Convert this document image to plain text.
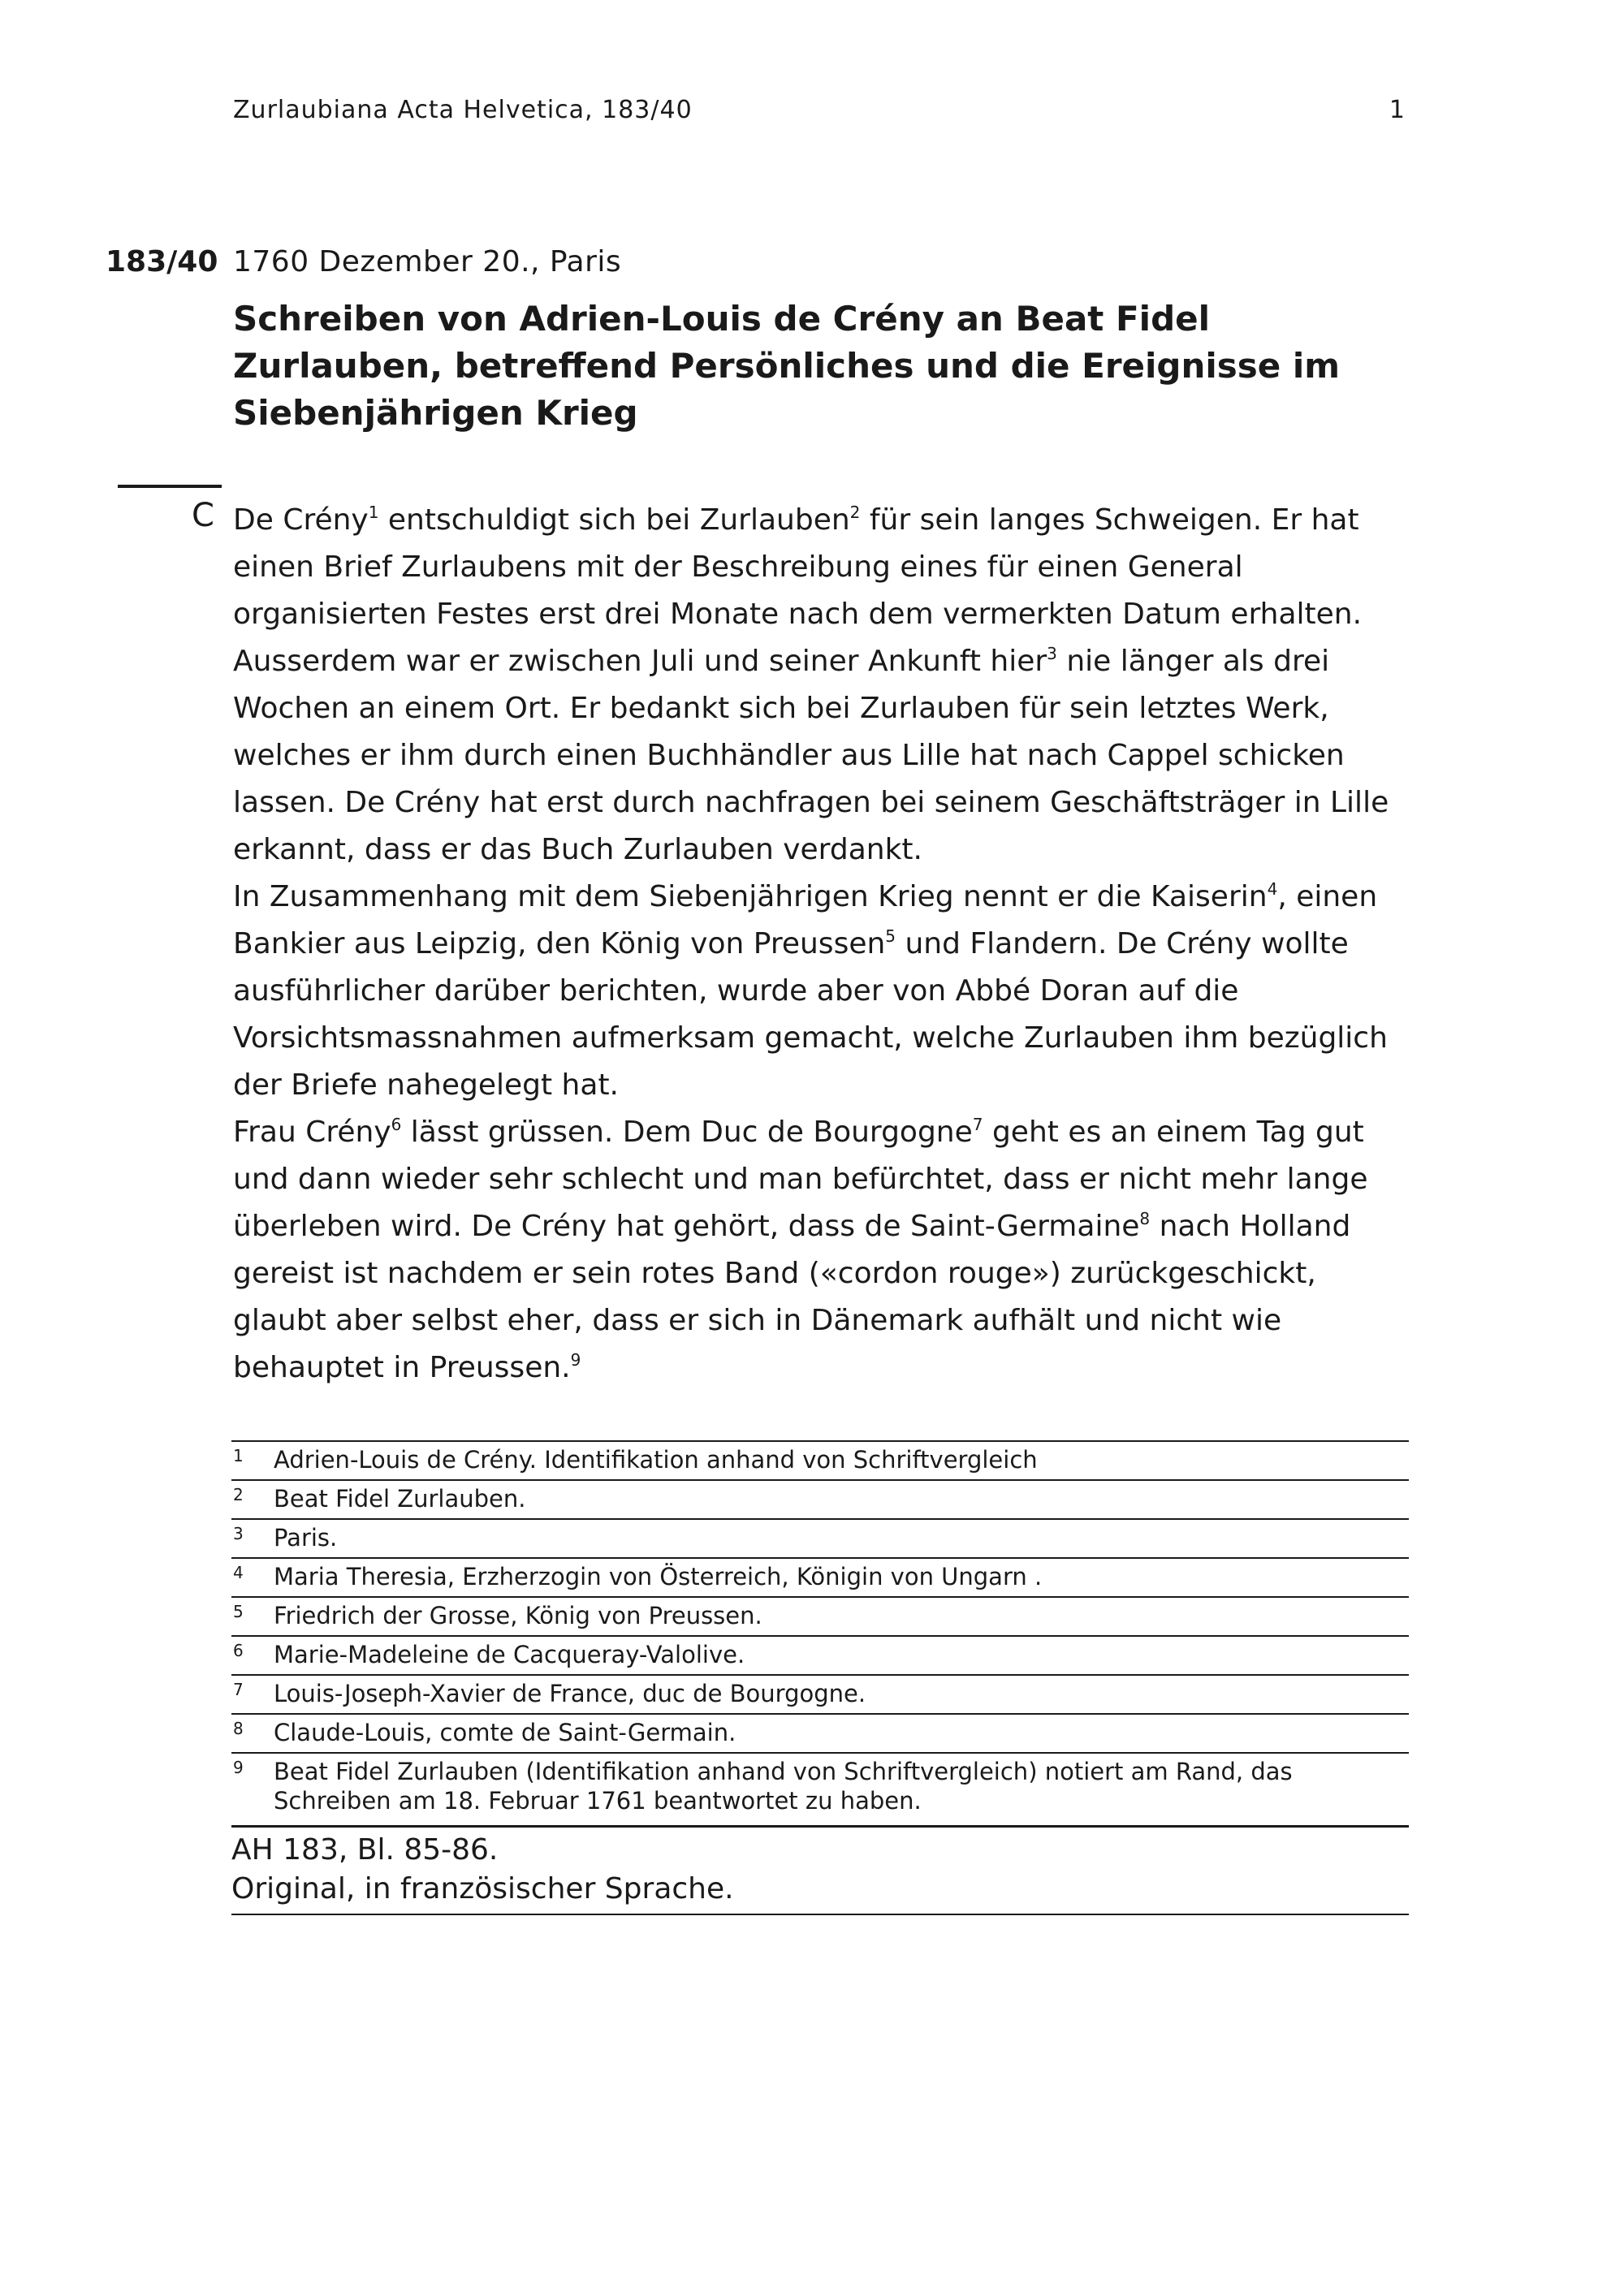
Zurlaubiana Acta Helvetica, 183/40	1
183/40 1760 Dezember 20., Paris
Schreiben von Adrien-Louis de Crény an Beat Fidel Zurlauben, betreffend Persönliches und die Ereignisse im Siebenjährigen Krieg
C De Crény$^1$ entschuldigt sich bei Zurlauben$^2$ für sein langes Schweigen. Er hat einen Brief Zurlaubens mit der Beschreibung eines für einen General organisierten Festes erst drei Monate nach dem vermerkten Datum erhalten. Ausserdem war er zwischen Juli und seiner Ankunft hier$^3$ nie länger als drei Wochen an einem Ort. Er bedankt sich bei Zurlauben für sein letztes Werk, welches er ihm durch einen Buchhändler aus Lille hat nach Cappel schicken lassen. De Crény hat erst durch nachfragen bei seinem Geschäftsträger in Lille erkannt, dass er das Buch Zurlauben verdankt.

In Zusammenhang mit dem Siebenjährigen Krieg nennt er die Kaiserin$^4$, einen Bankier aus Leipzig, den König von Preussen$^5$ und Flandern. De Crény wollte ausführlicher darüber berichten, wurde aber von Abbé Doran auf die Vorsichtsmassnahmen aufmerksam gemacht, welche Zurlauben ihm bezüglich der Briefe nahegelegt hat.

Frau Crény$^6$ lässt grüssen. Dem Duc de Bourgogne$^7$ geht es an einem Tag gut und dann wieder sehr schlecht und man befürchtet, dass er nicht mehr lange überleben wird. De Crény hat gehört, dass de Saint-Germaine$^8$ nach Holland gereist ist nachdem er sein rotes Band («cordon rouge») zurückgeschickt, glaubt aber selbst eher, dass er sich in Dänemark aufhält und nicht wie behauptet in Preussen.$^9$

1	Adrien-Louis de Crény. Identifikation anhand von Schriftvergleich
2	Beat Fidel Zurlauben.
3	Paris.
4	Maria Theresia, Erzherzogin von Österreich, Königin von Ungarn .
5	Friedrich der Grosse, König von Preussen.
6	Marie-Madeleine de Cacqueray-Valolive.
7	Louis-Joseph-Xavier de France, duc de Bourgogne.
8	Claude-Louis, comte de Saint-Germain.
9	Beat Fidel Zurlauben (Identifikation anhand von Schriftvergleich) notiert am Rand, das Schreiben am 18. Februar 1761 beantwortet zu haben.
AH 183, Bl. 85-86.
Original, in französischer Sprache.
